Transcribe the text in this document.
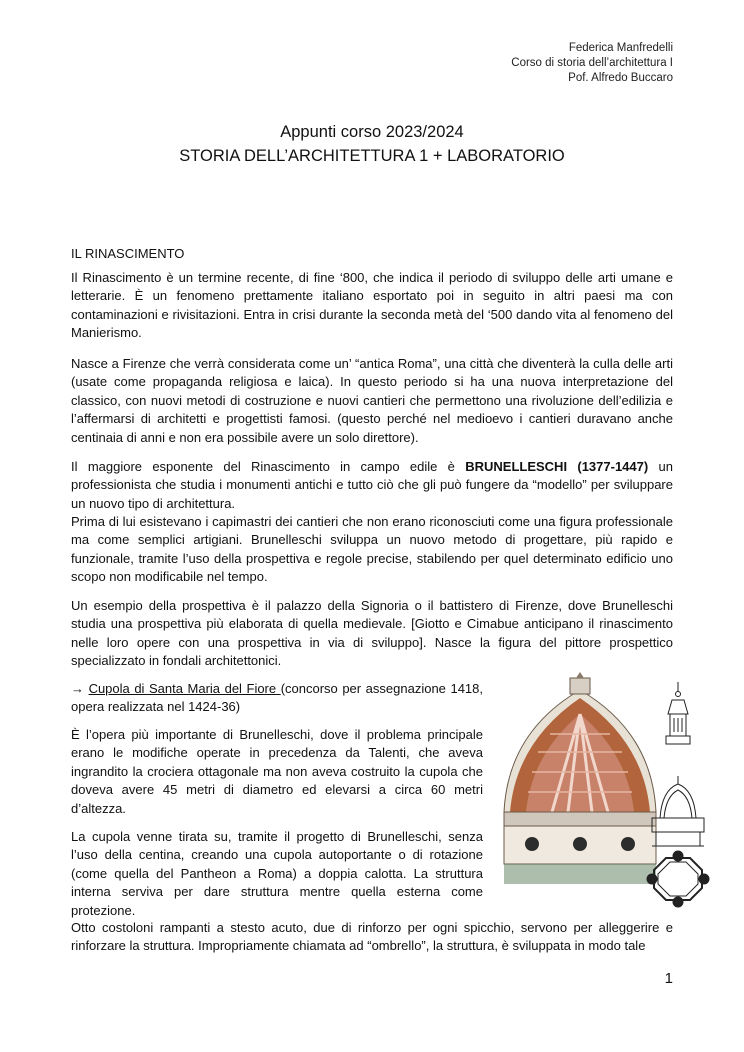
Federica Manfredelli
Corso di storia dell’architettura I
Pof. Alfredo Buccaro
Appunti corso 2023/2024
STORIA DELL’ARCHITETTURA 1 + LABORATORIO
IL RINASCIMENTO

Il Rinascimento è un termine recente, di fine ‘800, che indica il periodo di sviluppo delle arti umane e letterarie. È un fenomeno prettamente italiano esportato poi in seguito in altri paesi ma con contaminazioni e rivisitazioni. Entra in crisi durante la seconda metà del ‘500 dando vita al fenomeno del Manierismo.

Nasce a Firenze che verrà considerata come un’ “antica Roma”, una città che diventerà la culla delle arti (usate come propaganda religiosa e laica). In questo periodo si ha una nuova interpretazione del classico, con nuovi metodi di costruzione e nuovi cantieri che permettono una rivoluzione dell’edilizia e l’affermarsi di architetti e progettisti famosi. (questo perché nel medioevo i cantieri duravano anche centinaia di anni e non era possibile avere un solo direttore).

Il maggiore esponente del Rinascimento in campo edile è BRUNELLESCHI (1377-1447) un professionista che studia i monumenti antichi e tutto ciò che gli può fungere da “modello” per sviluppare un nuovo tipo di architettura.

Prima di lui esistevano i capimastri dei cantieri che non erano riconosciuti come una figura professionale ma come semplici artigiani. Brunelleschi sviluppa un nuovo metodo di progettare, più rapido e funzionale, tramite l’uso della prospettiva e regole precise, stabilendo per quel determinato edificio uno scopo non modificabile nel tempo.

Un esempio della prospettiva è il palazzo della Signoria o il battistero di Firenze, dove Brunelleschi studia una prospettiva più elaborata di quella medievale. [Giotto e Cimabue anticipano il rinascimento nelle loro opere con una prospettiva in via di sviluppo]. Nasce la figura del pittore prospettico specializzato in fondali architettonici.

→ Cupola di Santa Maria del Fiore (concorso per assegnazione 1418, opera realizzata nel 1424-36)

È l’opera più importante di Brunelleschi, dove il problema principale erano le modifiche operate in precedenza da Talenti, che aveva ingrandito la crociera ottagonale ma non aveva costruito la cupola che doveva avere 45 metri di diametro ed elevarsi a circa 60 metri d’altezza.

La cupola venne tirata su, tramite il progetto di Brunelleschi, senza l’uso della centina, creando una cupola autoportante o di rotazione (come quella del Pantheon a Roma) a doppia calotta. La struttura interna serviva per dare struttura mentre quella esterna come protezione.

Otto costoloni rampanti a stesto acuto, due di rinforzo per ogni spicchio, servono per alleggerire e rinforzare la struttura. Impropriamente chiamata ad “ombrello”, la struttura, è sviluppata in modo tale

1
